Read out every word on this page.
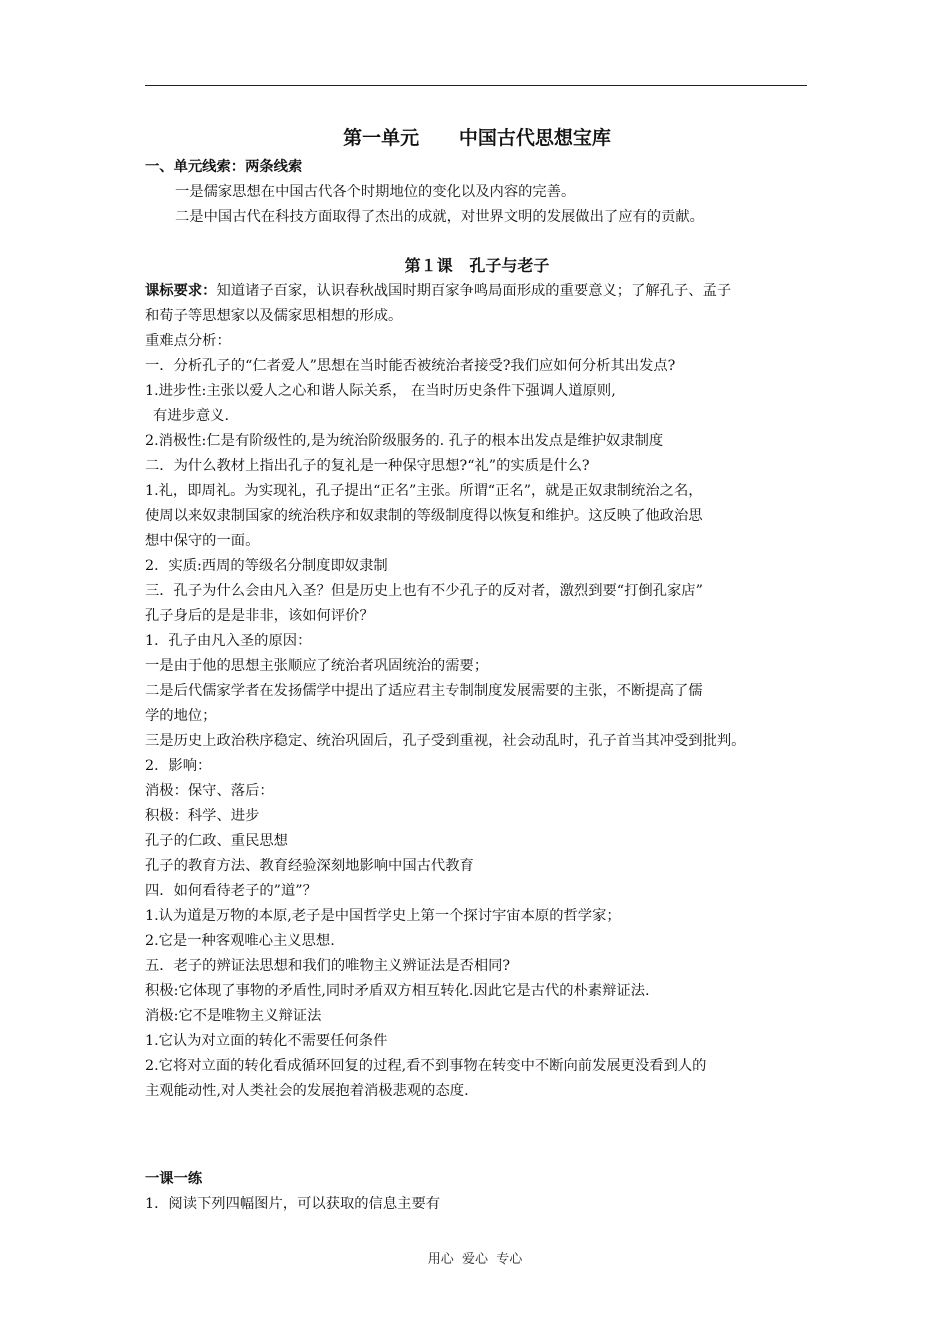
第一单元      中国古代思想宝库
一、单元线索：两条线索
一是儒家思想在中国古代各个时期地位的变化以及内容的完善。
二是中国古代在科技方面取得了杰出的成就，对世界文明的发展做出了应有的贡献。
第１课   孔子与老子
课标要求：知道诸子百家，认识春秋战国时期百家争鸣局面形成的重要意义；了解孔子、孟子
和荀子等思想家以及儒家思相想的形成。
重难点分析：
一．分析孔子的“仁者爱人”思想在当时能否被统治者接受?我们应如何分析其出发点?
1.进步性:主张以爱人之心和谐人际关系， 在当时历史条件下强调人道原则,
有进步意义.
2.消极性:仁是有阶级性的,是为统治阶级服务的. 孔子的根本出发点是维护奴隶制度
二．为什么教材上指出孔子的复礼是一种保守思想?“礼”的实质是什么?
1.礼，即周礼。为实现礼，孔子提出“正名”主张。所谓“正名”，就是正奴隶制统治之名，
使周以来奴隶制国家的统治秩序和奴隶制的等级制度得以恢复和维护。这反映了他政治思
想中保守的一面。
2．实质:西周的等级名分制度即奴隶制
三．孔子为什么会由凡入圣？但是历史上也有不少孔子的反对者，激烈到要“打倒孔家店”
孔子身后的是是非非，该如何评价？
1．孔子由凡入圣的原因：
一是由于他的思想主张顺应了统治者巩固统治的需要；
二是后代儒家学者在发扬儒学中提出了适应君主专制制度发展需要的主张，不断提高了儒
学的地位；
三是历史上政治秩序稳定、统治巩固后，孔子受到重视，社会动乱时，孔子首当其冲受到批判。
2．影响：
消极：保守、落后：
积极：科学、进步
孔子的仁政、重民思想
孔子的教育方法、教育经验深刻地影响中国古代教育
四．如何看待老子的”道”？
1.认为道是万物的本原,老子是中国哲学史上第一个探讨宇宙本原的哲学家；
2.它是一种客观唯心主义思想.
五．老子的辨证法思想和我们的唯物主义辨证法是否相同?
积极:它体现了事物的矛盾性,同时矛盾双方相互转化.因此它是古代的朴素辩证法.
消极:它不是唯物主义辩证法
1.它认为对立面的转化不需要任何条件
2.它将对立面的转化看成循环回复的过程,看不到事物在转变中不断向前发展更没看到人的
主观能动性,对人类社会的发展抱着消极悲观的态度.
一课一练
1．阅读下列四幅图片，可以获取的信息主要有
用心  爱心  专心
